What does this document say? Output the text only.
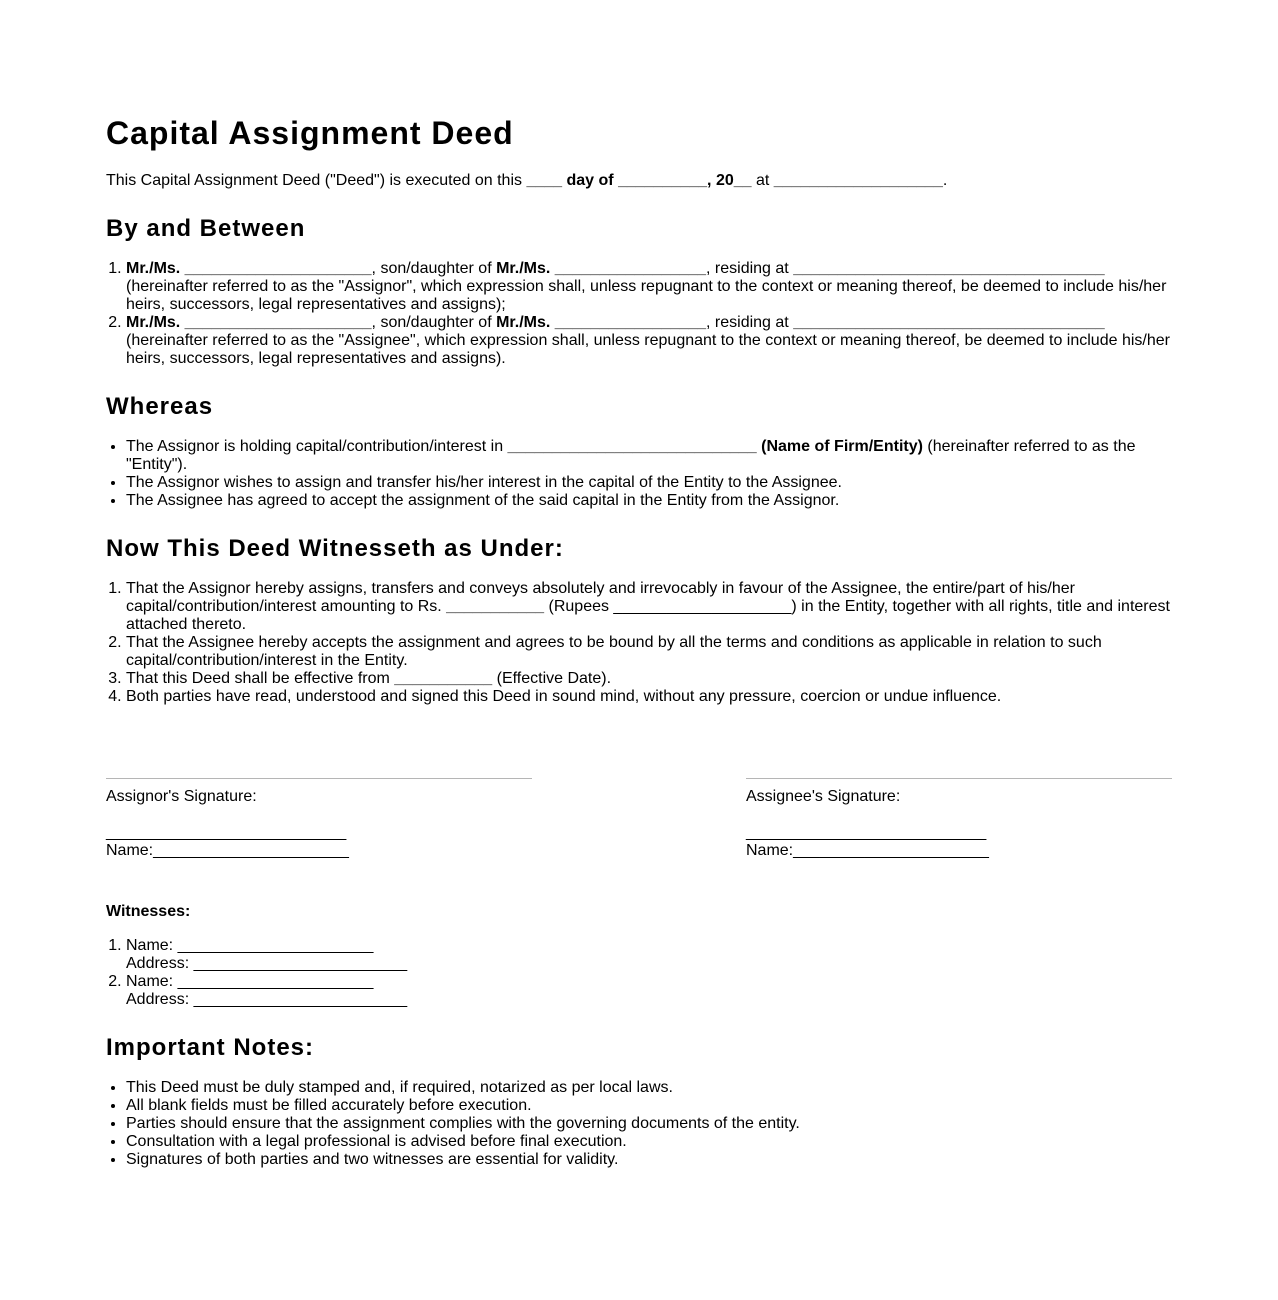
Capital Assignment Deed

This Capital Assignment Deed ("Deed") is executed on this ____ day of __________, 20__ at ___________________.

By and Between
1. Mr./Ms. _____________________, son/daughter of Mr./Ms. _________________, residing at ___________________________________
(hereinafter referred to as the "Assignor", which expression shall, unless repugnant to the context or meaning thereof, be deemed to include his/her heirs, successors, legal representatives and assigns);
2. Mr./Ms. _____________________, son/daughter of Mr./Ms. _________________, residing at ___________________________________
(hereinafter referred to as the "Assignee", which expression shall, unless repugnant to the context or meaning thereof, be deemed to include his/her heirs, successors, legal representatives and assigns).
Whereas
• The Assignor is holding capital/contribution/interest in ____________________________ (Name of Firm/Entity) (hereinafter referred to as the "Entity").
• The Assignor wishes to assign and transfer his/her interest in the capital of the Entity to the Assignee.
• The Assignee has agreed to accept the assignment of the said capital in the Entity from the Assignor.
Now This Deed Witnesseth as Under:
1. That the Assignor hereby assigns, transfers and conveys absolutely and irrevocably in favour of the Assignee, the entire/part of his/her capital/contribution/interest amounting to Rs. ___________ (Rupees ____________________) in the Entity, together with all rights, title and interest attached thereto.
2. That the Assignee hereby accepts the assignment and agrees to be bound by all the terms and conditions as applicable in relation to such capital/contribution/interest in the Entity.
3. That this Deed shall be effective from ___________ (Effective Date).
4. Both parties have read, understood and signed this Deed in sound mind, without any pressure, coercion or undue influence.

Assignor's Signature:

___________________________

Name:______________________

Assignee's Signature:

___________________________

Name:______________________

Witnesses:

1. Name: ______________________
Address: ________________________
2. Name: ______________________
Address: ________________________
Important Notes:
• This Deed must be duly stamped and, if required, notarized as per local laws.
• All blank fields must be filled accurately before execution.
• Parties should ensure that the assignment complies with the governing documents of the entity.
• Consultation with a legal professional is advised before final execution.
• Signatures of both parties and two witnesses are essential for validity.
